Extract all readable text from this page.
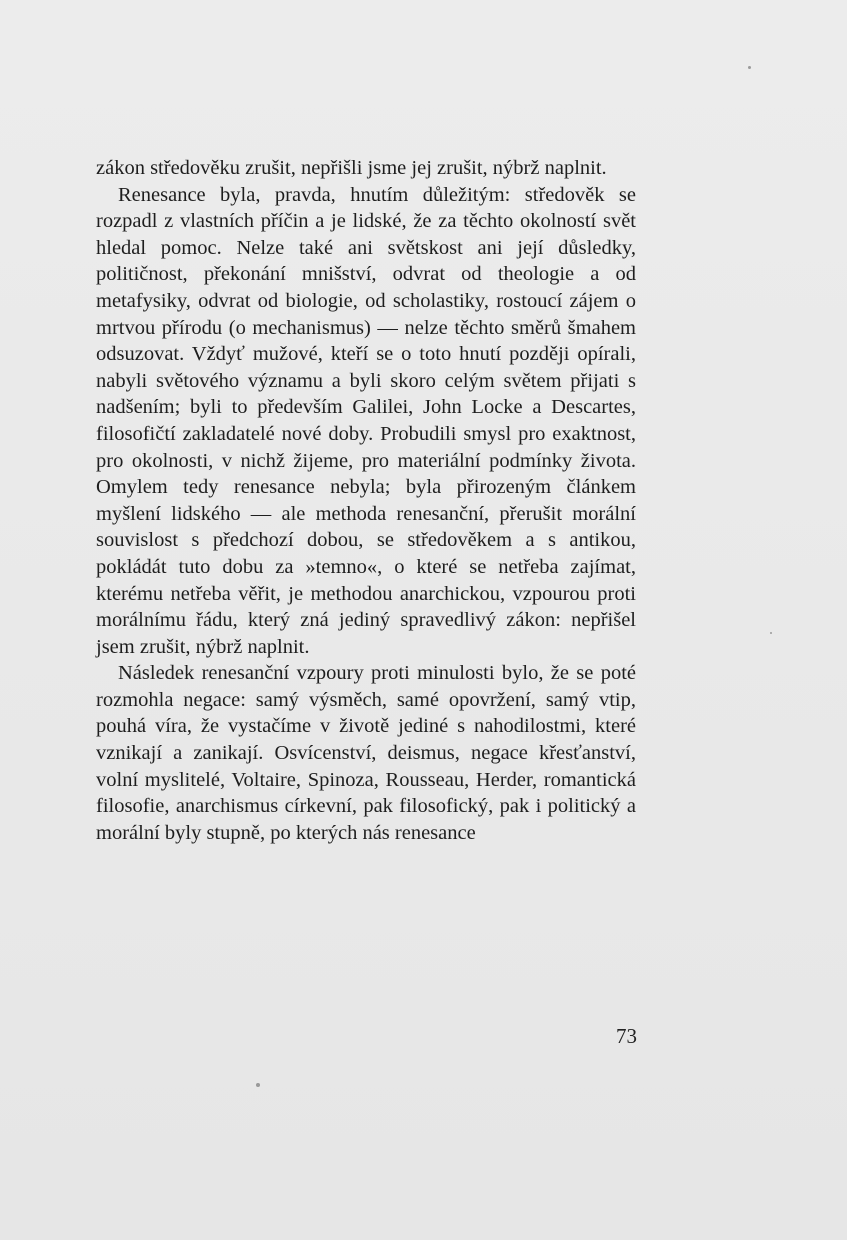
zákon středověku zrušit, nepřišli jsme jej zrušit, nýbrž naplnit.

Renesance byla, pravda, hnutím důležitým: středověk se rozpadl z vlastních příčin a je lidské, že za těchto okolností svět hledal pomoc. Nelze také ani světskost ani její důsledky, političnost, překonání mnišství, odvrat od theologie a od metafysiky, odvrat od biologie, od scholastiky, rostoucí zájem o mrtvou přírodu (o mechanismus) — nelze těchto směrů šmahem odsuzovat. Vždyť mužové, kteří se o toto hnutí později opírali, nabyli světového významu a byli skoro celým světem přijati s nadšením; byli to především Galilei, John Locke a Descartes, filosofičtí zakladatelé nové doby. Probudili smysl pro exaktnost, pro okolnosti, v nichž žijeme, pro materiální podmínky života. Omylem tedy renesance nebyla; byla přirozeným článkem myšlení lidského — ale methoda renesanční, přerušit morální souvislost s předchozí dobou, se středověkem a s antikou, pokládát tuto dobu za »temno«, o které se netřeba zajímat, kterému netřeba věřit, je methodou anarchickou, vzpourou proti morálnímu řádu, který zná jediný spravedlivý zákon: nepřišel jsem zrušit, nýbrž naplnit.

Následek renesanční vzpoury proti minulosti bylo, že se poté rozmohla negace: samý výsměch, samé opovržení, samý vtip, pouhá víra, že vystačíme v životě jediné s nahodilostmi, které vznikají a zanikají. Osvícenství, deismus, negace křesťanství, volní myslitelé, Voltaire, Spinoza, Rousseau, Herder, romantická filosofie, anarchismus církevní, pak filosofický, pak i politický a morální byly stupně, po kterých nás renesance

73
